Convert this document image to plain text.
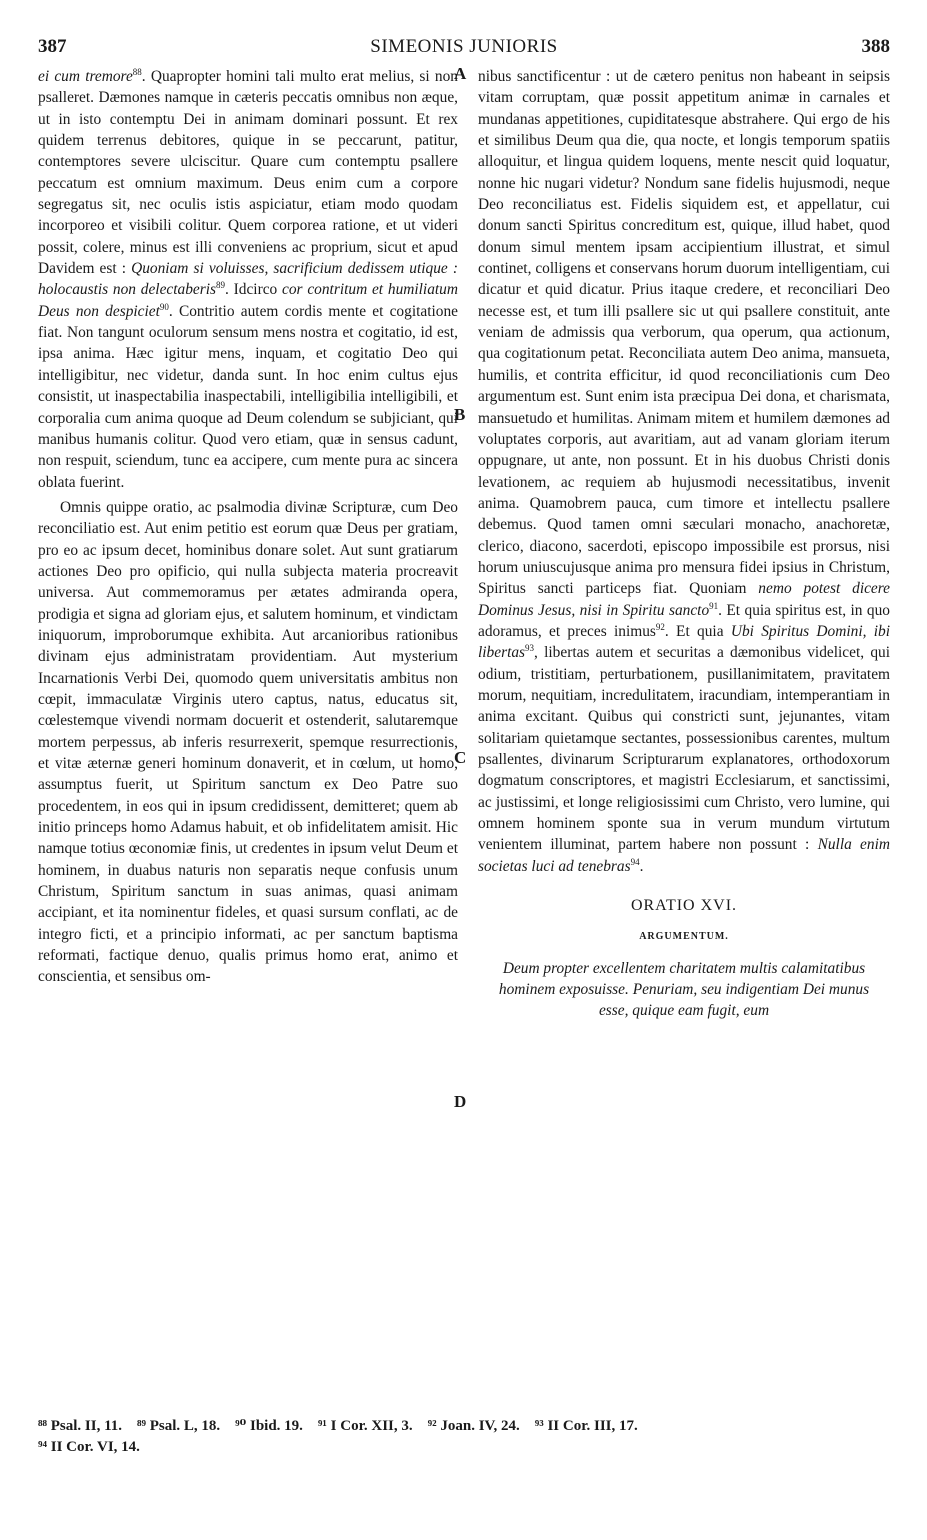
387	SIMEONIS JUNIORIS	388

ei cum tremore$^{88}$. Quapropter homini tali multo erat melius, si non psalleret. Dæmones namque in cæteris peccatis omnibus non æque, ut in isto contemptu Dei in animam dominari possunt. Et rex quidem terrenus debitores, quique in se peccarunt, patitur, contemptores severe ulciscitur. Quare cum contemptu psallere peccatum est omnium maximum. Deus enim cum a corpore segregatus sit, nec oculis istis aspiciatur, etiam modo quodam incorporeo et visibili colitur. Quem corporea ratione, et ut videri possit, colere, minus est illi conveniens ac proprium, sicut et apud Davidem est : Quoniam si voluisses, sacrificium dedissem utique : holocaustis non delectaberis$^{89}$. Idcirco cor contritum et humiliatum Deus non despiciet$^{90}$. Contritio autem cordis mente et cogitatione fiat. Non tangunt oculorum sensum mens nostra et cogitatio, id est, ipsa anima. Hæc igitur mens, inquam, et cogitatio Deo qui intelligibitur, nec videtur, danda sunt. In hoc enim cultus ejus consistit, ut inaspectabilia inaspectabili, intelligibilia intelligibili, et corporalia cum anima quoque ad Deum colendum se subjiciant, qui manibus humanis colitur. Quod vero etiam, quæ in sensus cadunt, non respuit, sciendum, tunc ea accipere, cum mente pura ac sincera oblata fuerint.

Omnis quippe oratio, ac psalmodia divinæ Scripturæ, cum Deo reconciliatio est. Aut enim petitio est eorum quæ Deus per gratiam, pro eo ac ipsum decet, hominibus donare solet. Aut sunt gratiarum actiones Deo pro opificio, qui nulla subjecta materia procreavit universa. Aut commemoramus per ætates admiranda opera, prodigia et signa ad gloriam ejus, et salutem hominum, et vindictam iniquorum, improborumque exhibita. Aut arcanioribus rationibus divinam ejus administratam providentiam. Aut mysterium Incarnationis Verbi Dei, quomodo quem universitatis ambitus non cœpit, immaculatæ Virginis utero captus, natus, educatus sit, cœlestemque vivendi normam docuerit et ostenderit, salutaremque mortem perpessus, ab inferis resurrexerit, spemque resurrectionis, et vitæ æternæ generi hominum donaverit, et in cœlum, ut homo, assumptus fuerit, ut Spiritum sanctum ex Deo Patre suo procedentem, in eos qui in ipsum credidissent, demitteret; quem ab initio princeps homo Adamus habuit, et ob infidelitatem amisit. Hic namque totius œconomiæ finis, ut credentes in ipsum velut Deum et hominem, in duabus naturis non separatis neque confusis unum Christum, Spiritum sanctum in suas animas, quasi animam accipiant, et ita nominentur fideles, et quasi sursum conflati, ac de integro ficti, et a principio informati, ac per sanctum baptisma reformati, factique denuo, qualis primus homo erat, animo et conscientia, et sensibus om-

A
B
C
D

nibus sanctificentur : ut de cætero penitus non habeant in seipsis vitam corruptam, quæ possit appetitum animæ in carnales et mundanas appetitiones, cupiditatesque abstrahere. Qui ergo de his et similibus Deum qua die, qua nocte, et longis temporum spatiis alloquitur, et lingua quidem loquens, mente nescit quid loquatur, nonne hic nugari videtur? Nondum sane fidelis hujusmodi, neque Deo reconciliatus est. Fidelis siquidem est, et appellatur, cui donum sancti Spiritus concreditum est, quique, illud habet, quod donum simul mentem ipsam accipientium illustrat, et simul continet, colligens et conservans horum duorum intelligentiam, cui dicatur et quid dicatur. Prius itaque credere, et reconciliari Deo necesse est, et tum illi psallere sic ut qui psallere constituit, ante veniam de admissis qua verborum, qua operum, qua actionum, qua cogitationum petat. Reconciliata autem Deo anima, mansueta, humilis, et contrita efficitur, id quod reconciliationis cum Deo argumentum est. Sunt enim ista præcipua Dei dona, et charismata, mansuetudo et humilitas. Animam mitem et humilem dæmones ad voluptates corporis, aut avaritiam, aut ad vanam gloriam iterum oppugnare, ut ante, non possunt. Et in his duobus Christi donis levationem, ac requiem ab hujusmodi necessitatibus, invenit anima. Quamobrem pauca, cum timore et intellectu psallere debemus. Quod tamen omni sæculari monacho, anachoretæ, clerico, diacono, sacerdoti, episcopo impossibile est prorsus, nisi horum uniuscujusque anima pro mensura fidei ipsius in Christum, Spiritus sancti particeps fiat. Quoniam nemo potest dicere Dominus Jesus, nisi in Spiritu sancto$^{91}$. Et quia spiritus est, in quo adoramus, et preces inimus$^{92}$. Et quia Ubi Spiritus Domini, ibi libertas$^{93}$, libertas autem et securitas a dæmonibus videlicet, qui odium, tristitiam, perturbationem, pusillanimitatem, pravitatem morum, nequitiam, incredulitatem, iracundiam, intemperantiam in anima excitant. Quibus qui constricti sunt, jejunantes, vitam solitariam quietamque sectantes, possessionibus carentes, multum psallentes, divinarum Scripturarum explanatores, orthodoxorum dogmatum conscriptores, et magistri Ecclesiarum, et sanctissimi, ac justissimi, et longe religiosissimi cum Christo, vero lumine, qui omnem hominem sponte sua in verum mundum virtutum venientem illuminat, partem habere non possunt : Nulla enim societas luci ad tenebras$^{94}$.

ORATIO XVI.

ARGUMENTUM.

Deum propter excellentem charitatem multis calamitatibus hominem exposuisse. Penuriam, seu indigentiam Dei munus esse, quique eam fugit, eum

⁸⁸ Psal. II, 11.    ⁸⁹ Psal. L, 18.    ⁹⁰ Ibid. 19.    ⁹¹ I Cor. XII, 3.    ⁹² Joan. IV, 24.    ⁹³ II Cor. III, 17.
⁹⁴ II Cor. VI, 14.
